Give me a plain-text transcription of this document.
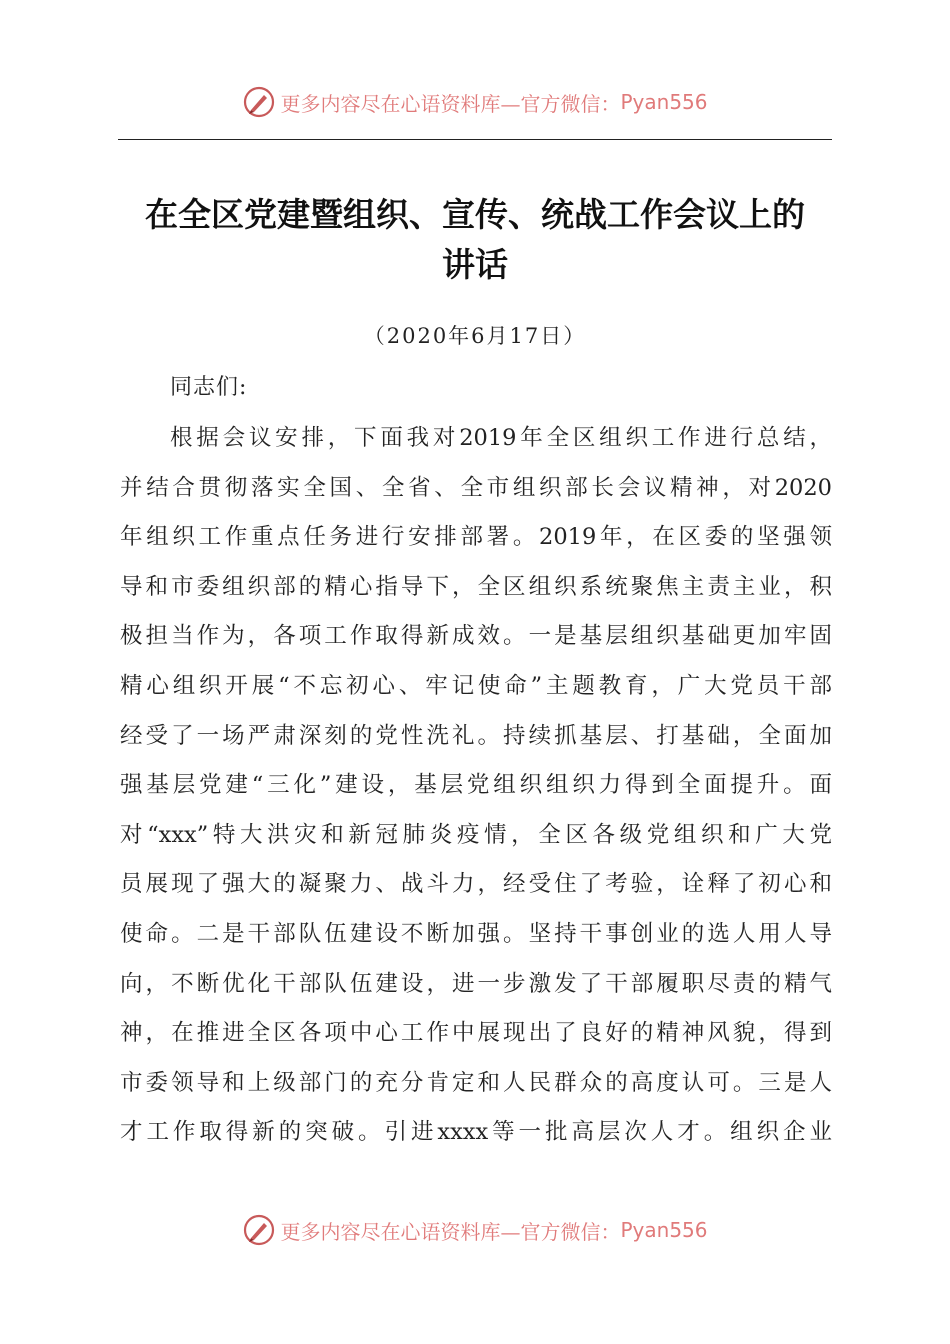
更多内容尽在心语资料库—官方微信： Pyan556
在全区党建暨组织、宣传、统战工作会议上的
讲话
（2020年6月17日）
同志们:
根据会议安排，下面我对2019年全区组织工作进行总结，
并结合贯彻落实全国、全省、全市组织部长会议精神，对2020
年组织工作重点任务进行安排部署。2019年，在区委的坚强领
导和市委组织部的精心指导下，全区组织系统聚焦主责主业，积
极担当作为，各项工作取得新成效。一是基层组织基础更加牢固
精心组织开展“不忘初心、牢记使命”主题教育，广大党员干部
经受了一场严肃深刻的党性洗礼。持续抓基层、打基础，全面加
强基层党建“三化”建设，基层党组织组织力得到全面提升。面
对“xxx”特大洪灾和新冠肺炎疫情，全区各级党组织和广大党
员展现了强大的凝聚力、战斗力，经受住了考验，诠释了初心和
使命。二是干部队伍建设不断加强。坚持干事创业的选人用人导
向，不断优化干部队伍建设，进一步激发了干部履职尽责的精气
神，在推进全区各项中心工作中展现出了良好的精神风貌，得到
市委领导和上级部门的充分肯定和人民群众的高度认可。三是人
才工作取得新的突破。引进xxxx等一批高层次人才。组织企业
更多内容尽在心语资料库—官方微信： Pyan556
